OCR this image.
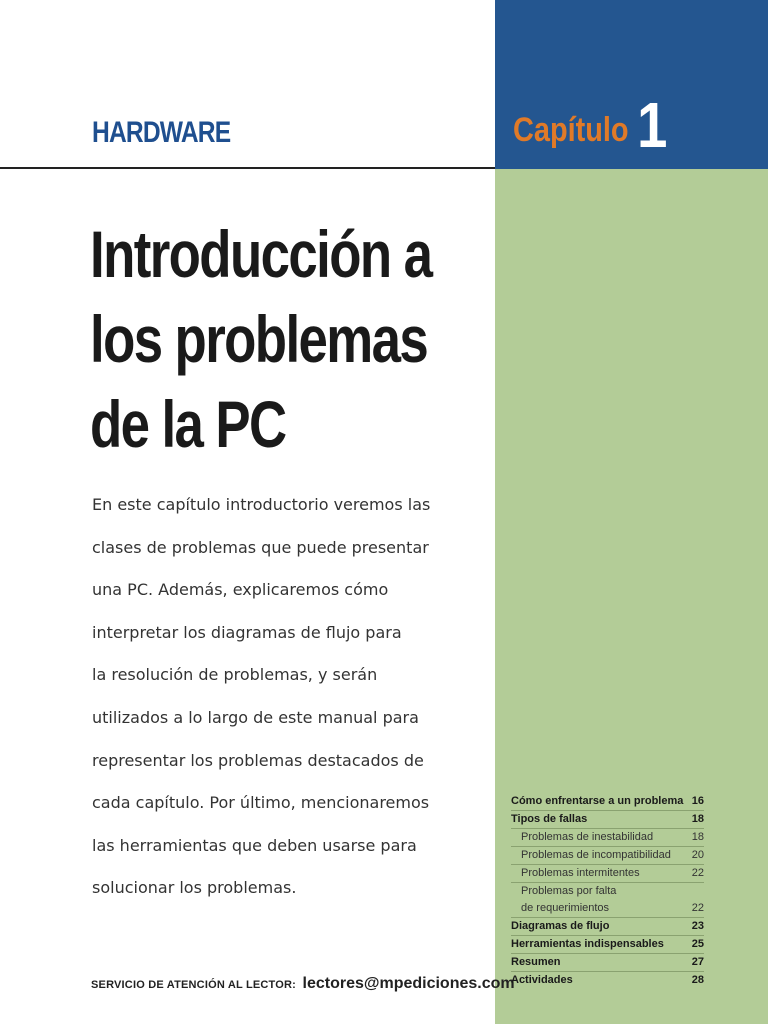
HARDWARE	Capítulo 1
Introducción a
los problemas
de la PC
En este capítulo introductorio veremos las
clases de problemas que puede presentar
una PC. Además, explicaremos cómo
interpretar los diagramas de flujo para
la resolución de problemas, y serán
utilizados a lo largo de este manual para
representar los problemas destacados de
cada capítulo. Por último, mencionaremos
las herramientas que deben usarse para
solucionar los problemas.
SERVICIO DE ATENCIÓN AL LECTOR: lectores@mpediciones.com
Cómo enfrentarse a un problema 16
Tipos de fallas	18
Problemas de inestabilidad	18
Problemas de incompatibilidad 20
Problemas intermitentes	22
Problemas por falta
de requerimientos	22
Diagramas de flujo	23
Herramientas indispensables	25
Resumen	27
Actividades	28
